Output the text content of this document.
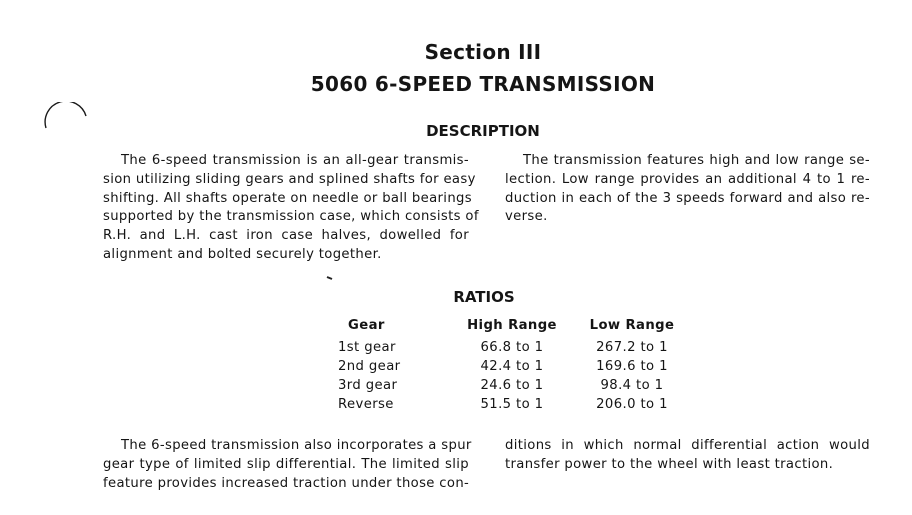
Section III
5060 6-SPEED TRANSMISSION
DESCRIPTION
The 6-speed transmission is an all-gear transmis-
sion utilizing sliding gears and splined shafts for easy
shifting. All shafts operate on needle or ball bearings
supported by the transmission case, which consists of
R.H. and L.H. cast iron case halves, dowelled for
alignment and bolted securely together.
The transmission features high and low range se-
lection. Low range provides an additional 4 to 1 re-
duction in each of the 3 speeds forward and also re-
verse.
RATIOS
Gear	High Range	Low Range
1st gear	66.8 to 1	267.2 to 1
2nd gear	42.4 to 1	169.6 to 1
3rd gear	24.6 to 1	98.4 to 1
Reverse	51.5 to 1	206.0 to 1
The 6-speed transmission also incorporates a spur
gear type of limited slip differential. The limited slip
feature provides increased traction under those con-
ditions in which normal differential action would
transfer power to the wheel with least traction.
